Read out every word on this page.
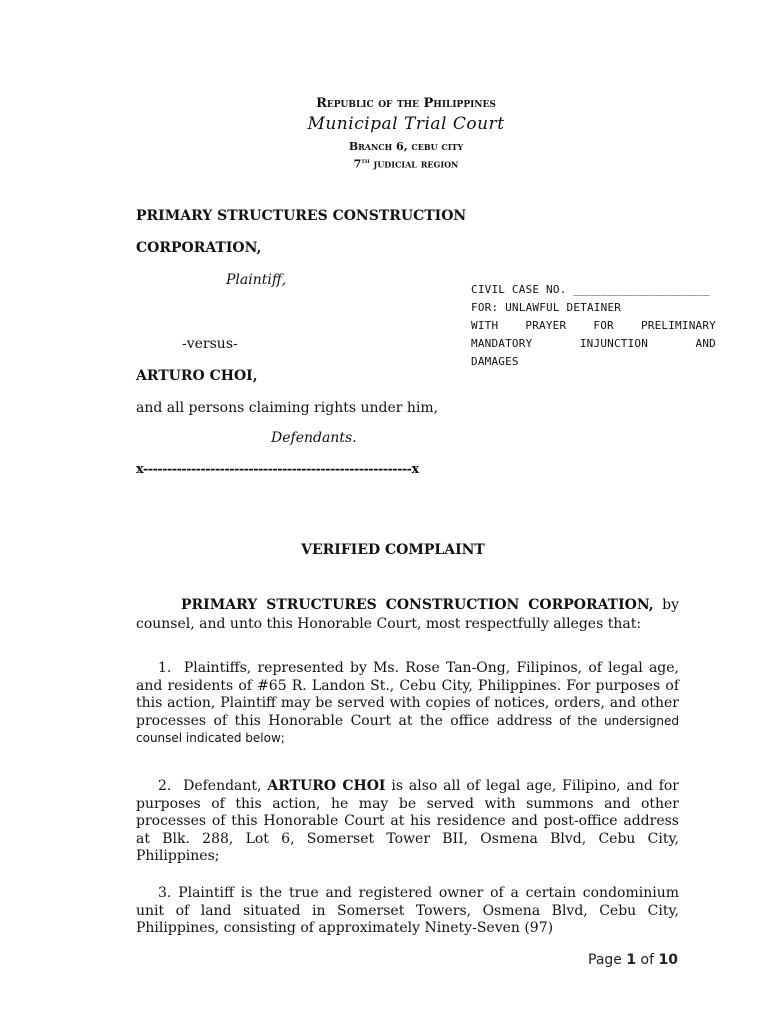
Republic of the Philippines
Municipal Trial Court
Branch 6, cebu city
7th judicial region
PRIMARY STRUCTURES CONSTRUCTION
CORPORATION,
Plaintiff,
-versus-
ARTURO CHOI,
and all persons claiming rights under him,
Defendants.
x--------------------------------------------------------x
CIVIL CASE NO. ____________________
FOR: UNLAWFUL DETAINER
WITH PRAYER FOR PRELIMINARY
MANDATORY INJUNCTION AND
DAMAGES
VERIFIED COMPLAINT
PRIMARY STRUCTURES CONSTRUCTION CORPORATION, by counsel, and unto this Honorable Court, most respectfully alleges that:
1. Plaintiffs, represented by Ms. Rose Tan-Ong, Filipinos, of legal age, and residents of #65 R. Landon St., Cebu City, Philippines. For purposes of this action, Plaintiff may be served with copies of notices, orders, and other processes of this Honorable Court at the office address of the undersigned counsel indicated below;
2. Defendant, ARTURO CHOI is also all of legal age, Filipino, and for purposes of this action, he may be served with summons and other processes of this Honorable Court at his residence and post-office address at Blk. 288, Lot 6, Somerset Tower BII, Osmena Blvd, Cebu City, Philippines;
3. Plaintiff is the true and registered owner of a certain condominium unit of land situated in Somerset Towers, Osmena Blvd, Cebu City, Philippines, consisting of approximately Ninety-Seven (97)
Page 1 of 10
